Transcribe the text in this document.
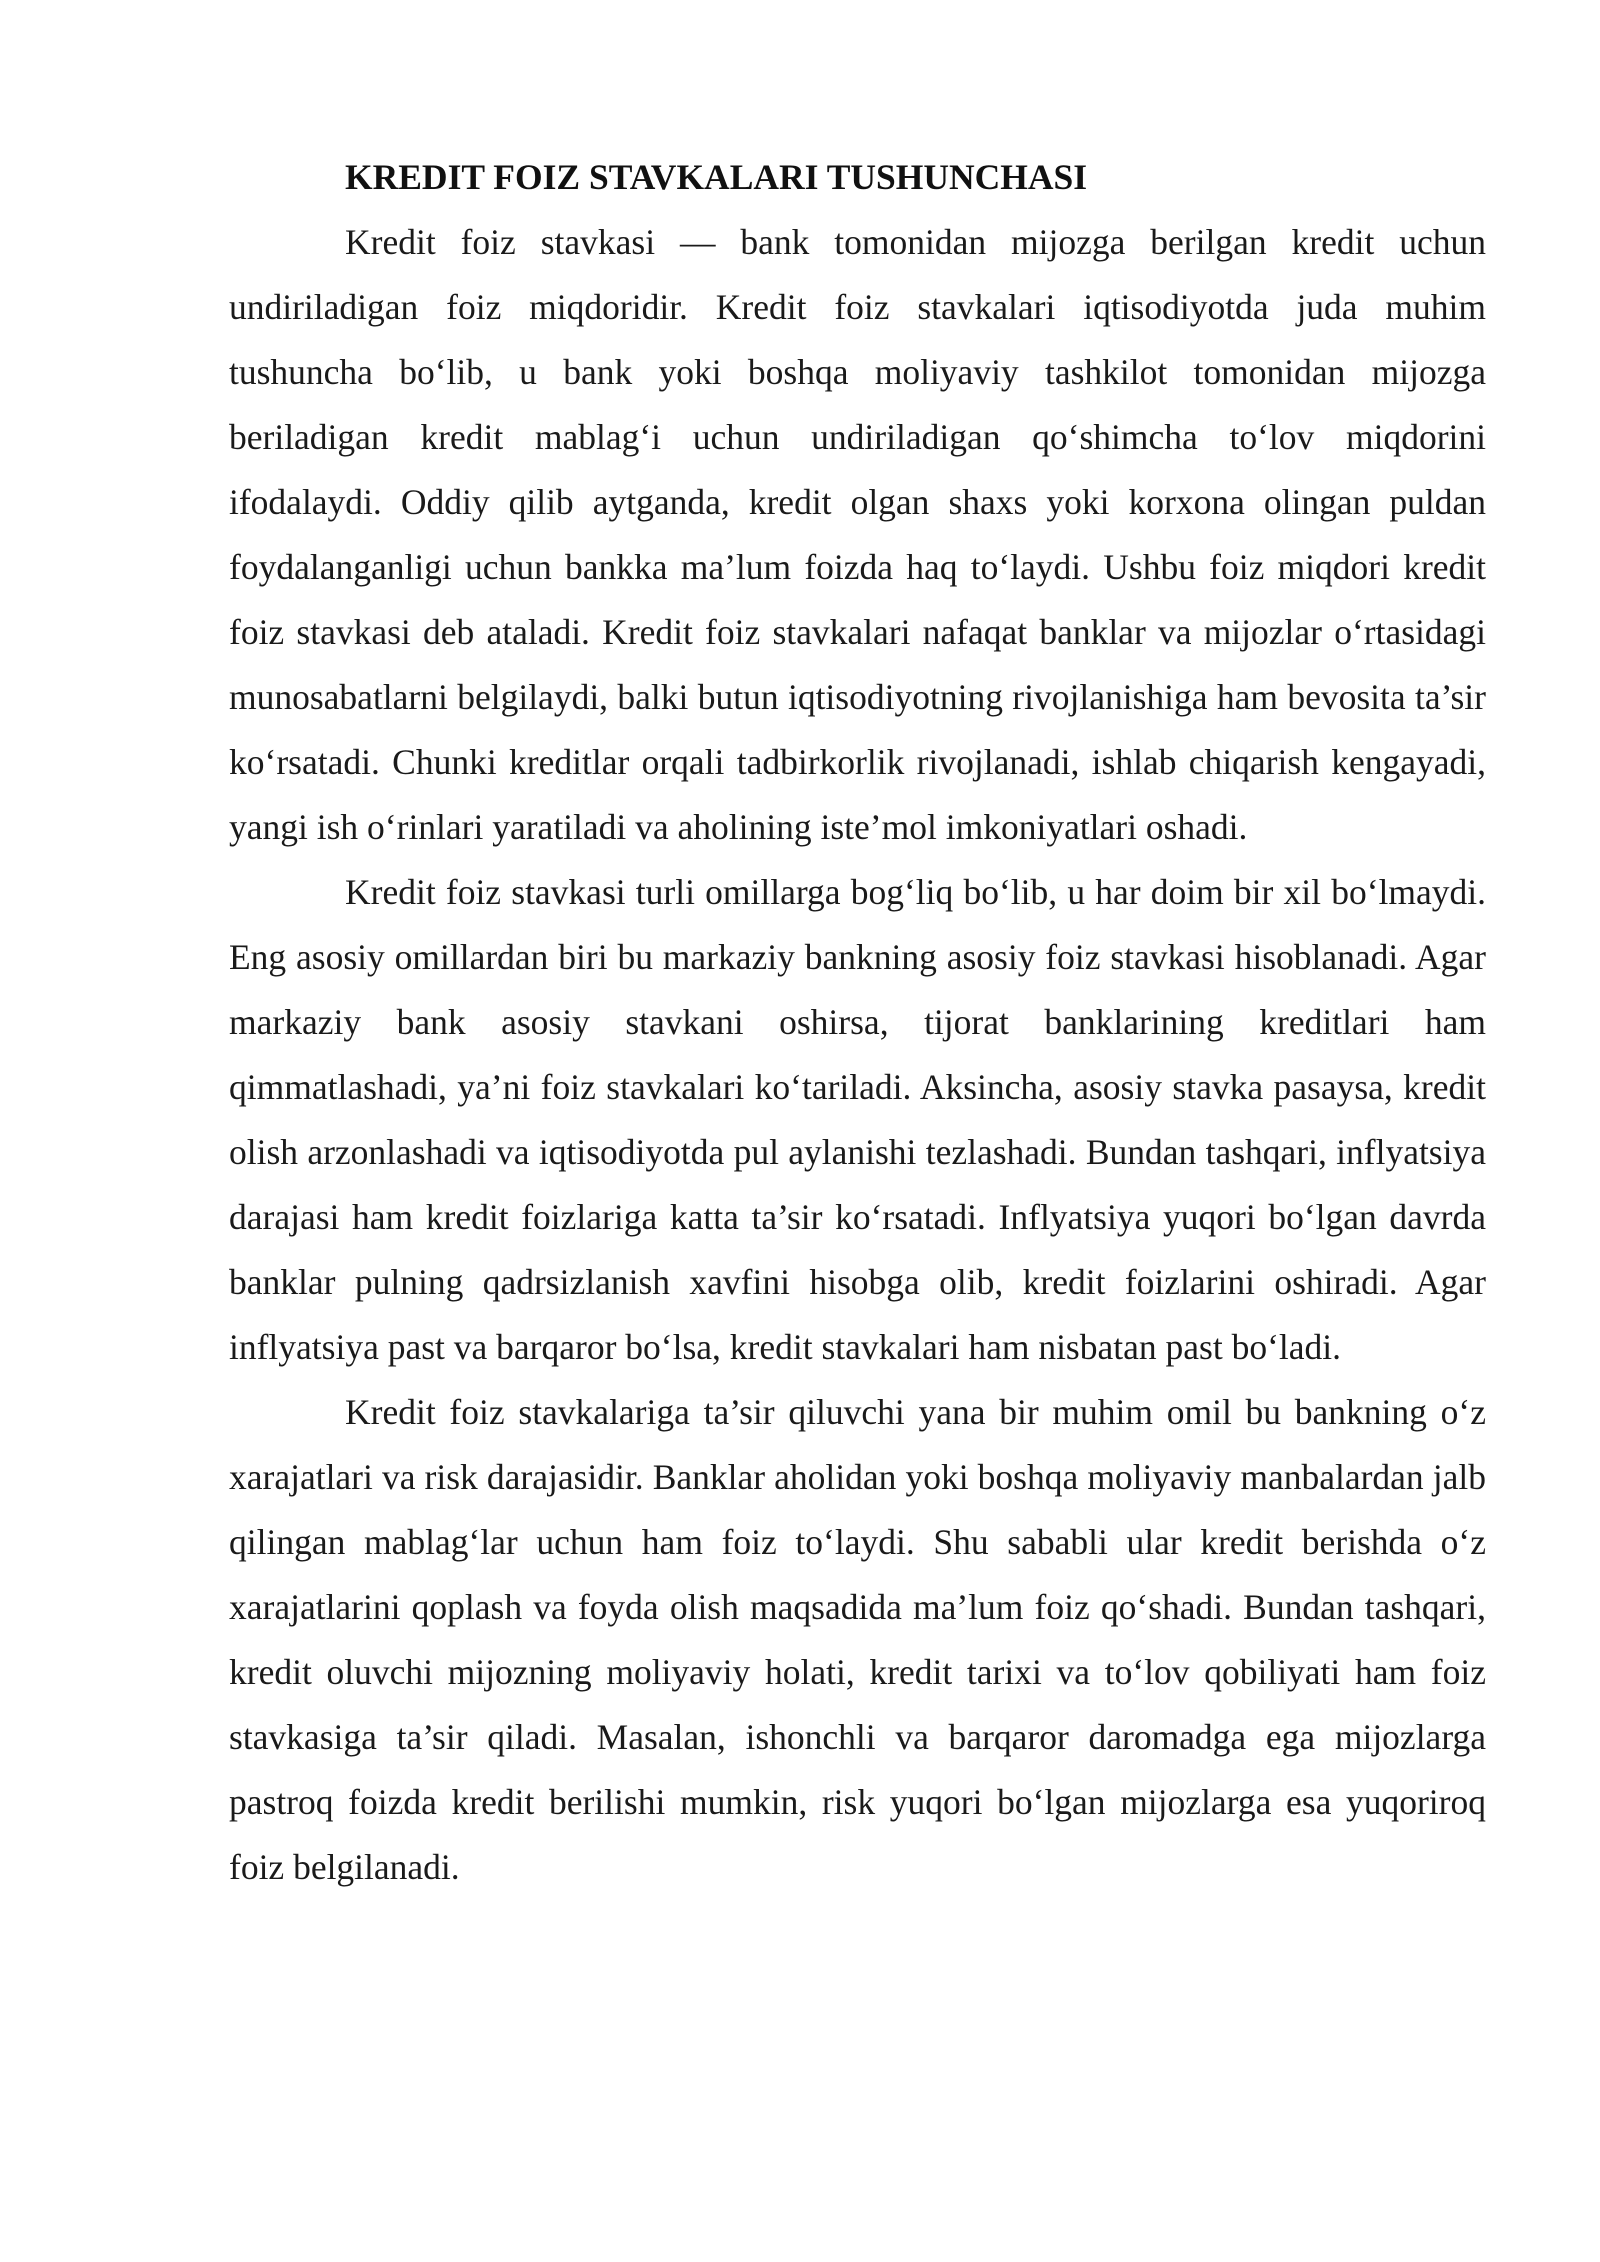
KREDIT FOIZ STAVKALARI TUSHUNCHASI

Kredit foiz stavkasi — bank tomonidan mijozga berilgan kredit uchun undiriladigan foiz miqdoridir. Kredit foiz stavkalari iqtisodiyotda juda muhim tushuncha bo‘lib, u bank yoki boshqa moliyaviy tashkilot tomonidan mijozga beriladigan kredit mablag‘i uchun undiriladigan qo‘shimcha to‘lov miqdorini ifodalaydi. Oddiy qilib aytganda, kredit olgan shaxs yoki korxona olingan puldan foydalanganligi uchun bankka ma’lum foizda haq to‘laydi. Ushbu foiz miqdori kredit foiz stavkasi deb ataladi. Kredit foiz stavkalari nafaqat banklar va mijozlar o‘rtasidagi munosabatlarni belgilaydi, balki butun iqtisodiyotning rivojlanishiga ham bevosita ta’sir ko‘rsatadi. Chunki kreditlar orqali tadbirkorlik rivojlanadi, ishlab chiqarish kengayadi, yangi ish o‘rinlari yaratiladi va aholining iste’mol imkoniyatlari oshadi.

Kredit foiz stavkasi turli omillarga bog‘liq bo‘lib, u har doim bir xil bo‘lmaydi. Eng asosiy omillardan biri bu markaziy bankning asosiy foiz stavkasi hisoblanadi. Agar markaziy bank asosiy stavkani oshirsa, tijorat banklarining kreditlari ham qimmatlashadi, ya’ni foiz stavkalari ko‘tariladi. Aksincha, asosiy stavka pasaysa, kredit olish arzonlashadi va iqtisodiyotda pul aylanishi tezlashadi. Bundan tashqari, inflyatsiya darajasi ham kredit foizlariga katta ta’sir ko‘rsatadi. Inflyatsiya yuqori bo‘lgan davrda banklar pulning qadrsizlanish xavfini hisobga olib, kredit foizlarini oshiradi. Agar inflyatsiya past va barqaror bo‘lsa, kredit stavkalari ham nisbatan past bo‘ladi.

Kredit foiz stavkalariga ta’sir qiluvchi yana bir muhim omil bu bankning o‘z xarajatlari va risk darajasidir. Banklar aholidan yoki boshqa moliyaviy manbalardan jalb qilingan mablag‘lar uchun ham foiz to‘laydi. Shu sababli ular kredit berishda o‘z xarajatlarini qoplash va foyda olish maqsadida ma’lum foiz qo‘shadi. Bundan tashqari, kredit oluvchi mijozning moliyaviy holati, kredit tarixi va to‘lov qobiliyati ham foiz stavkasiga ta’sir qiladi. Masalan, ishonchli va barqaror daromadga ega mijozlarga pastroq foizda kredit berilishi mumkin, risk yuqori bo‘lgan mijozlarga esa yuqoriroq foiz belgilanadi.
